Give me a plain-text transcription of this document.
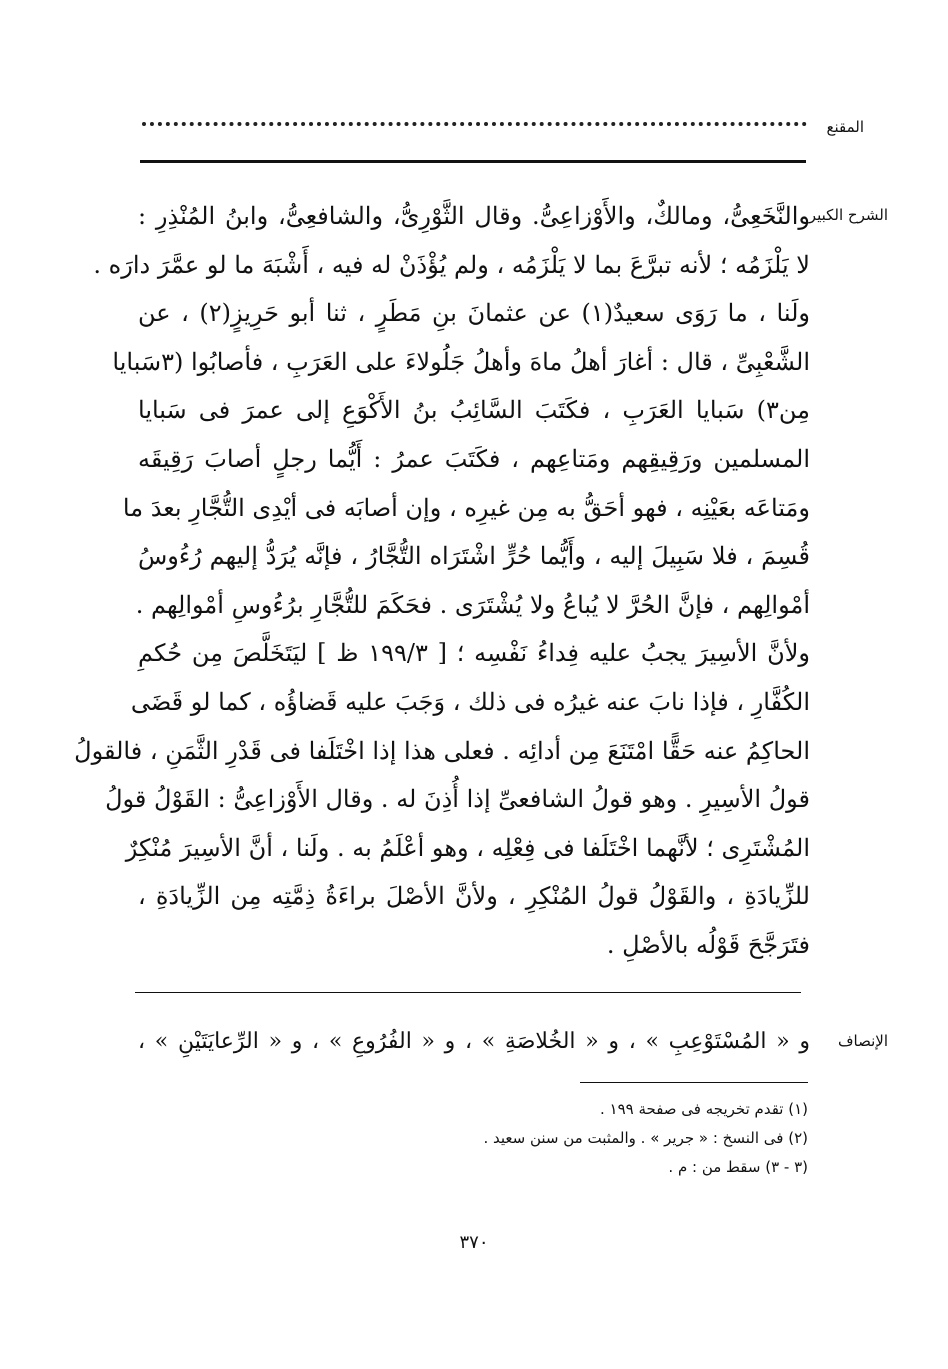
المقنع
الشرح الكبير
والنَّخَعِىُّ، ومالكٌ، والأَوْزاعِىُّ. وقال الثَّوْرِىُّ، والشافعِىُّ، وابنُ المُنْذِرِ :
لا يَلْزَمُه ؛ لأنه تبرَّعَ بما لا يَلْزَمُه ، ولم يُؤْذَنْ له فيه ، أَشْبَهَ ما لو عمَّرَ دارَه .
ولَنا ، ما رَوَى سعيدٌ(١) عن عثمانَ بنِ مَطَرٍ ، ثنا أبو حَرِيزٍ(٢) ، عن
الشَّعْبِىِّ ، قال : أغارَ أهلُ ماهَ وأهلُ جَلُولاءَ على العَرَبِ ، فأصابُوا (٣سَبايا
مِن٣) سَبايا العَرَبِ ، فكَتَبَ السَّائِبُ بنُ الأَكْوَعِ إلى عمرَ فى سَبايا
المسلمين ورَقِيقِهم ومَتاعِهم ، فكَتَبَ عمرُ : أَيُّما رجلٍ أصابَ رَقِيقَه
ومَتاعَه بعَيْنِه ، فهو أحَقُّ به مِن غيرِه ، وإن أصابَه فى أيْدِى التُّجَّارِ بعدَ ما
قُسِمَ ، فلا سَبِيلَ إليه ، وأَيُّما حُرٍّ اشْتَرَاه التُّجَّارُ ، فإنَّه يُرَدُّ إليهم رُءُوسُ
أمْوالِهم ، فإنَّ الحُرَّ لا يُباعُ ولا يُشْتَرَى . فحَكَمَ للتُّجَّارِ برُءُوسِ أمْوالِهم .
ولأنَّ الأسِيرَ يجبُ عليه فِداءُ نَفْسِه ؛ [ ١٩٩/٣ ظ ] ليَتَخَلَّصَ مِن حُكمِ
الكُفَّارِ ، فإذا نابَ عنه غيرُه فى ذلك ، وَجَبَ عليه قَضاؤُه ، كما لو قَضَى
الحاكِمُ عنه حَقًّا امْتَنَعَ مِن أدائِه . فعلى هذا إذا اخْتَلَفا فى قَدْرِ الثَّمَنِ ، فالقولُ
قولُ الأسِيرِ . وهو قولُ الشافعىِّ إذا أُذِنَ له . وقال الأَوْزاعِىُّ : القَوْلُ قولُ
المُشْتَرِى ؛ لأنَّهما اخْتَلَفا فى فِعْلِه ، وهو أعْلَمُ به . ولَنا ، أنَّ الأسِيرَ مُنْكِرٌ
للزِّيادَةِ ، والقَوْلُ قولُ المُنْكِرِ ، ولأنَّ الأصْلَ براءَةُ ذِمَّتِه مِن الزِّيادَةِ ،
فتَرَجَّحَ قَوْلُه بالأصْلِ .
الإنصاف
و « المُسْتَوْعِبِ » ، و « الخُلاصَةِ » ، و « الفُرُوعِ » ، و « الرِّعايَتَيْنِ » ،
(١) تقدم تخريجه فى صفحة ١٩٩ .
(٢) فى النسخ : « جرير » . والمثبت من سنن سعيد .
(٣ - ٣) سقط من : م .
٣٧٠
